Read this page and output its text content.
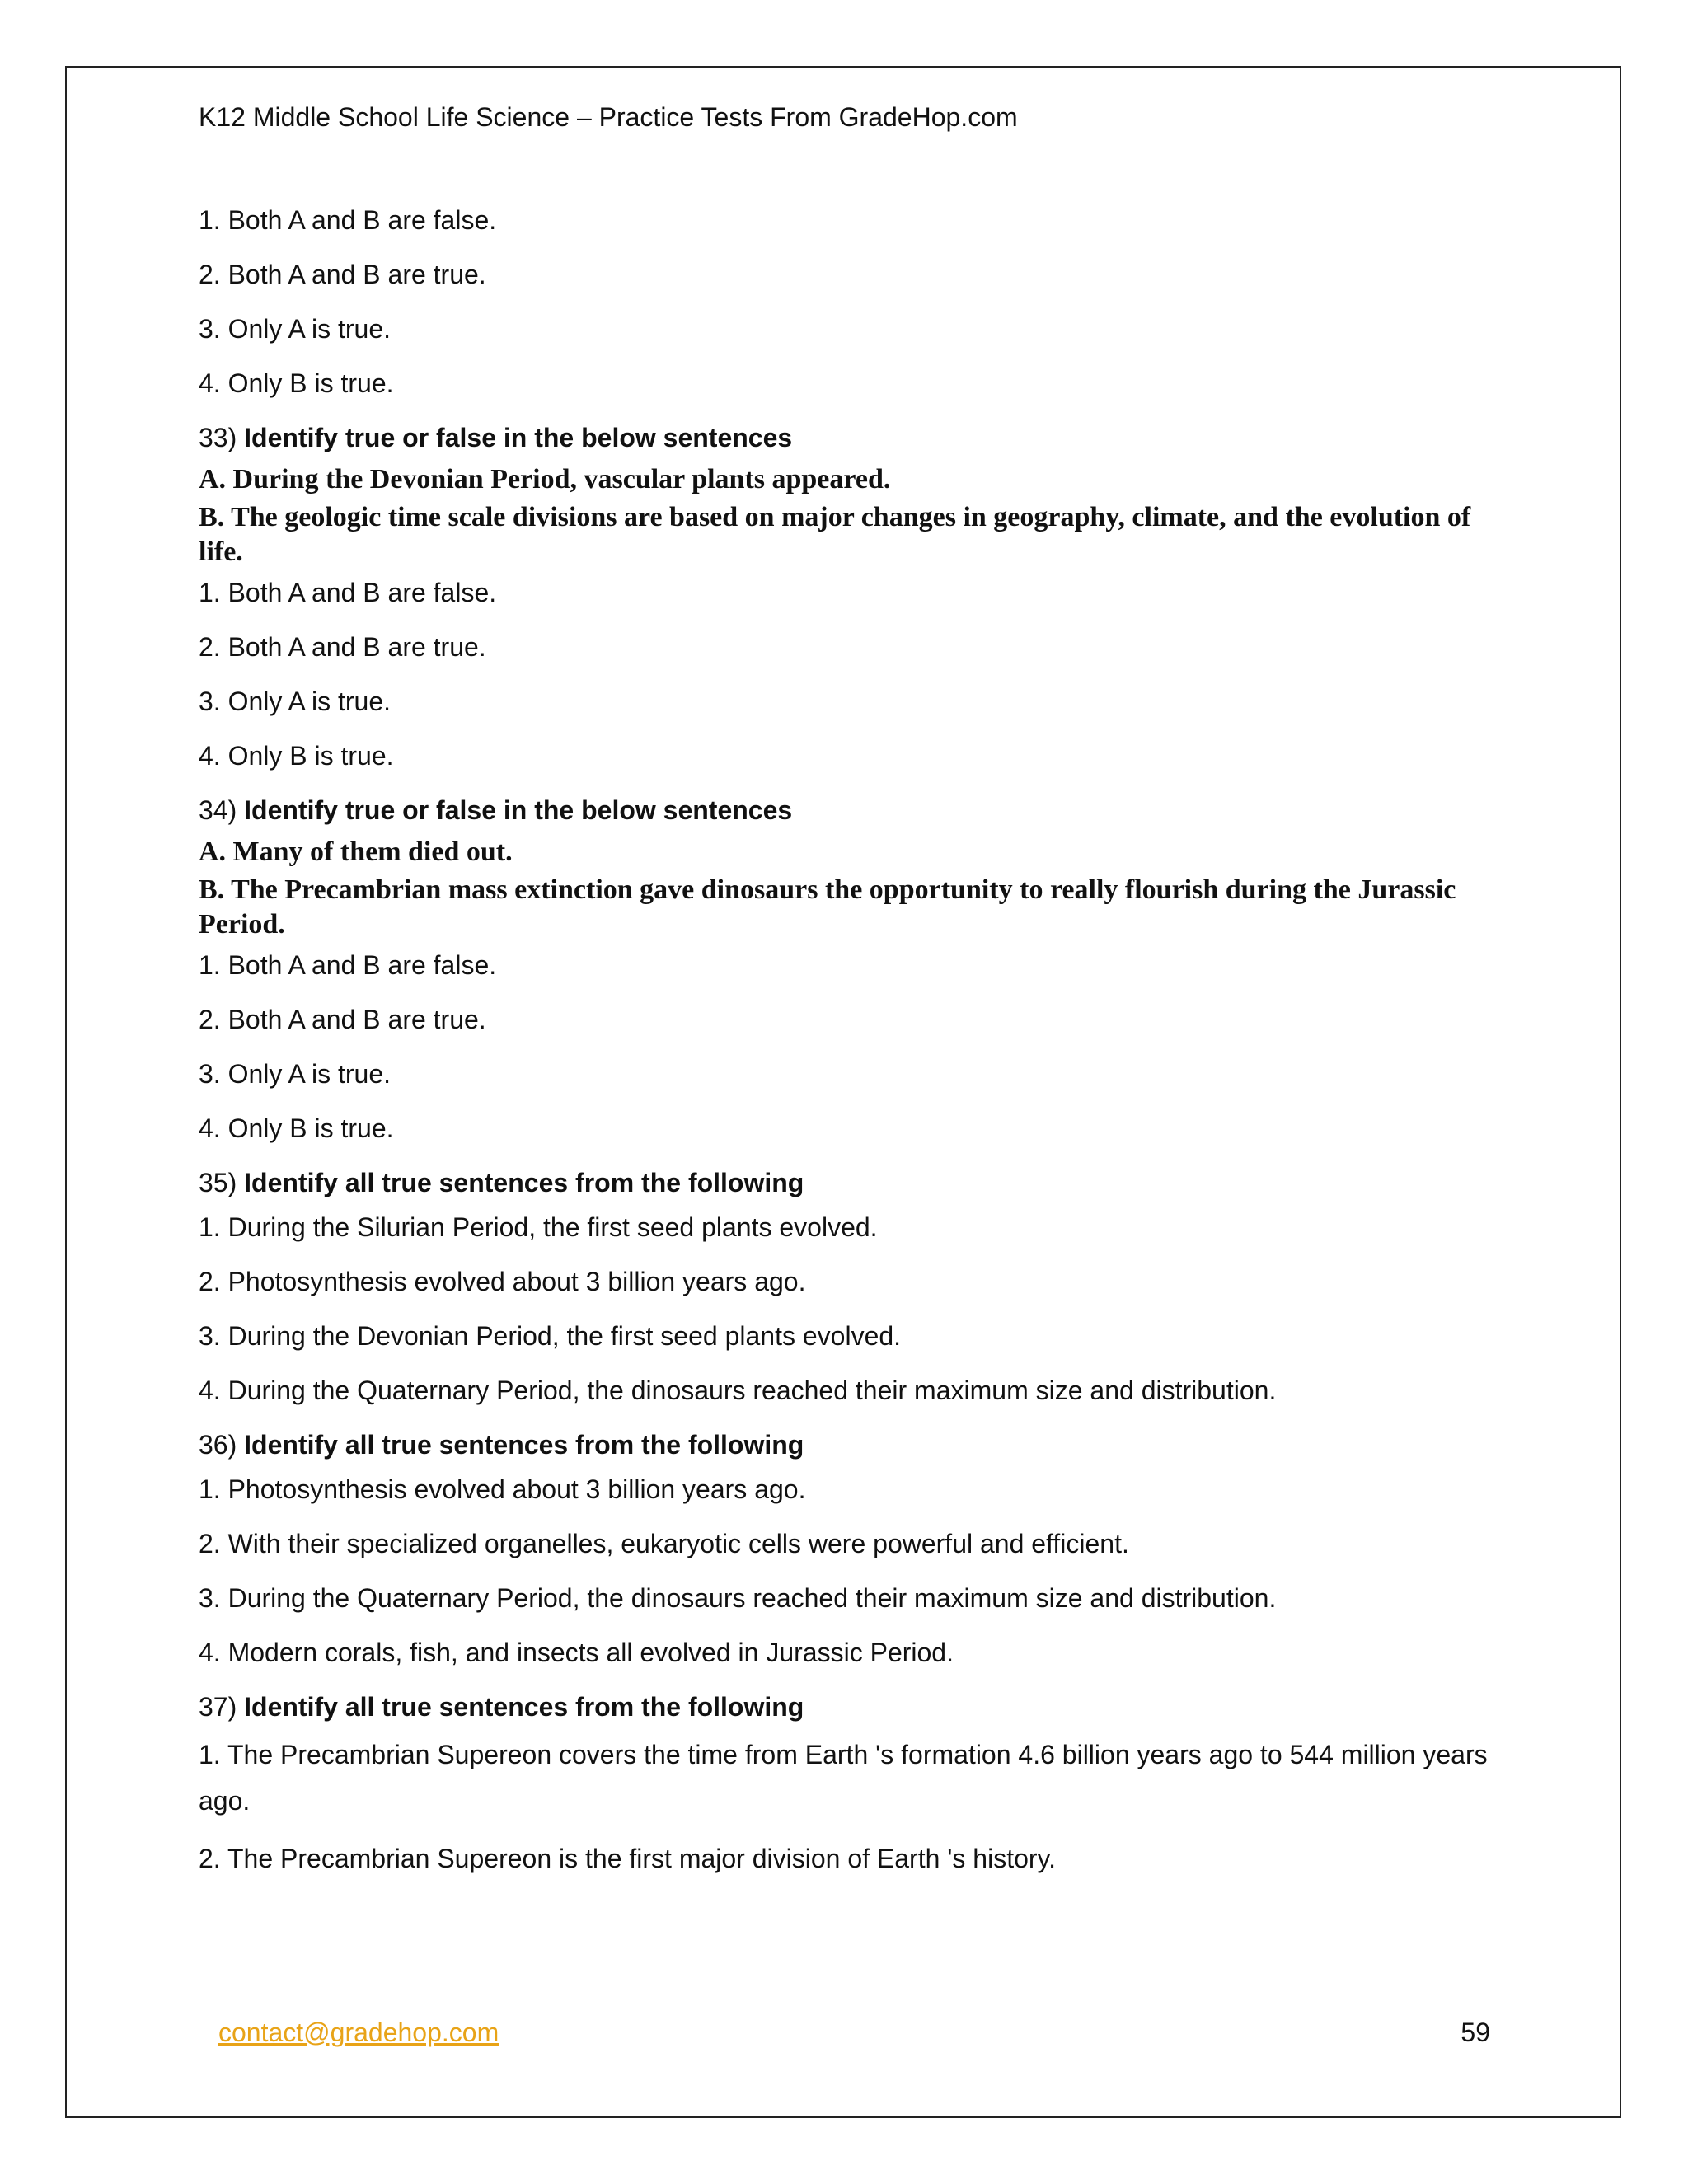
K12 Middle School Life Science – Practice Tests From GradeHop.com
1. Both A and B are false.
2. Both A and B are true.
3. Only A is true.
4. Only B is true.
33) Identify true or false in the below sentences
A. During the Devonian Period, vascular plants appeared.
B. The geologic time scale divisions are based on major changes in geography, climate, and the evolution of life.
1. Both A and B are false.
2. Both A and B are true.
3. Only A is true.
4. Only B is true.
34) Identify true or false in the below sentences
A. Many of them died out.
B. The Precambrian mass extinction gave dinosaurs the opportunity to really flourish during the Jurassic Period.
1. Both A and B are false.
2. Both A and B are true.
3. Only A is true.
4. Only B is true.
35) Identify all true sentences from the following
1. During the Silurian Period, the first seed plants evolved.
2. Photosynthesis evolved about 3 billion years ago.
3. During the Devonian Period, the first seed plants evolved.
4. During the Quaternary Period, the dinosaurs reached their maximum size and distribution.
36) Identify all true sentences from the following
1. Photosynthesis evolved about 3 billion years ago.
2. With their specialized organelles, eukaryotic cells were powerful and efficient.
3. During the Quaternary Period, the dinosaurs reached their maximum size and distribution.
4. Modern corals, fish, and insects all evolved in Jurassic Period.
37) Identify all true sentences from the following
1. The Precambrian Supereon covers the time from Earth 's formation 4.6 billion years ago to 544 million years ago.
2. The Precambrian Supereon is the first major division of Earth 's history.
contact@gradehop.com	59
